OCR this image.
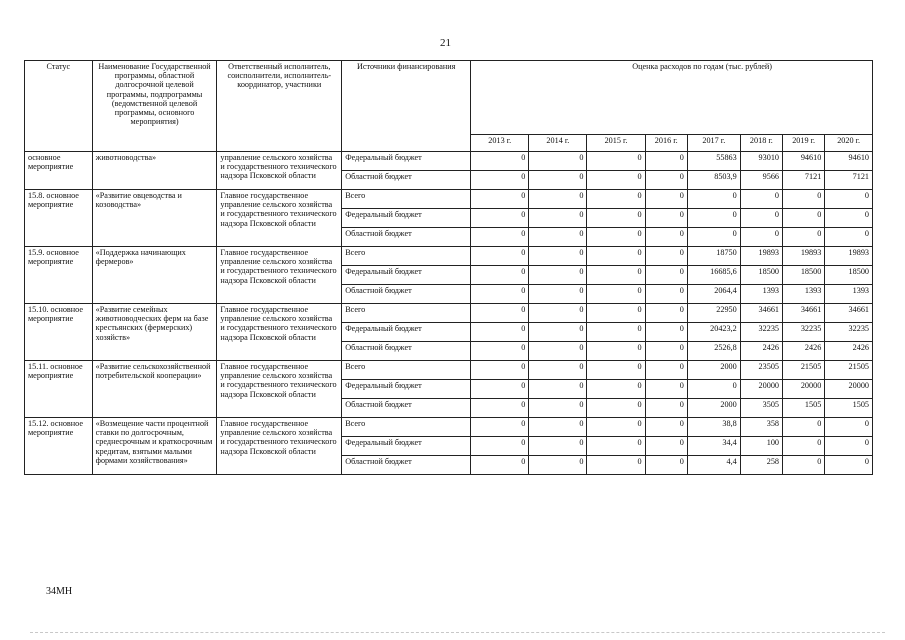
21
Статус	Наименование Государственной программы, областной долгосрочной целевой программы, подпрограммы (ведомственной целевой программы, основного мероприятия)	Ответственный исполнитель, соисполнители, исполнитель-координатор, участники	Источники финансирования	Оценка расходов по годам (тыс. рублей)							
				2013 г.	2014 г.	2015 г.	2016 г.	2017 г.	2018 г.	2019 г.	2020 г.
основное мероприятие	животноводства»	управление сельского хозяйства и государственного технического надзора Псковской области	Федеральный бюджет	0	0	0	0	55863	93010	94610	94610
			Областной бюджет	0	0	0	0	8503,9	9566	7121	7121
15.8. основное мероприятие	«Развитие овцеводства и козоводства»	Главное государственное управление сельского хозяйства и государственного технического надзора Псковской области	Всего	0	0	0	0	0	0	0	0
			Федеральный бюджет	0	0	0	0	0	0	0	0
			Областной бюджет	0	0	0	0	0	0	0	0
15.9. основное мероприятие	«Поддержка начинающих фермеров»	Главное государственное управление сельского хозяйства и государственного технического надзора Псковской области	Всего	0	0	0	0	18750	19893	19893	19893
			Федеральный бюджет	0	0	0	0	16685,6	18500	18500	18500
			Областной бюджет	0	0	0	0	2064,4	1393	1393	1393
15.10. основное мероприятие	«Развитие семейных животноводческих ферм на базе крестьянских (фермерских) хозяйств»	Главное государственное управление сельского хозяйства и государственного технического надзора Псковской области	Всего	0	0	0	0	22950	34661	34661	34661
			Федеральный бюджет	0	0	0	0	20423,2	32235	32235	32235
			Областной бюджет	0	0	0	0	2526,8	2426	2426	2426
15.11. основное мероприятие	«Развитие сельскохозяйственной потребительской кооперации»	Главное государственное управление сельского хозяйства и государственного технического надзора Псковской области	Всего	0	0	0	0	2000	23505	21505	21505
			Федеральный бюджет	0	0	0	0	0	20000	20000	20000
			Областной бюджет	0	0	0	0	2000	3505	1505	1505
15.12. основное мероприятие	«Возмещение части процентной ставки по долгосрочным, среднесрочным и краткосрочным кредитам, взятыми малыми формами хозяйствования»	Главное государственное управление сельского хозяйства и государственного технического надзора Псковской области	Всего	0	0	0	0	38,8	358	0	0
			Федеральный бюджет	0	0	0	0	34,4	100	0	0
			Областной бюджет	0	0	0	0	4,4	258	0	0
34МН
